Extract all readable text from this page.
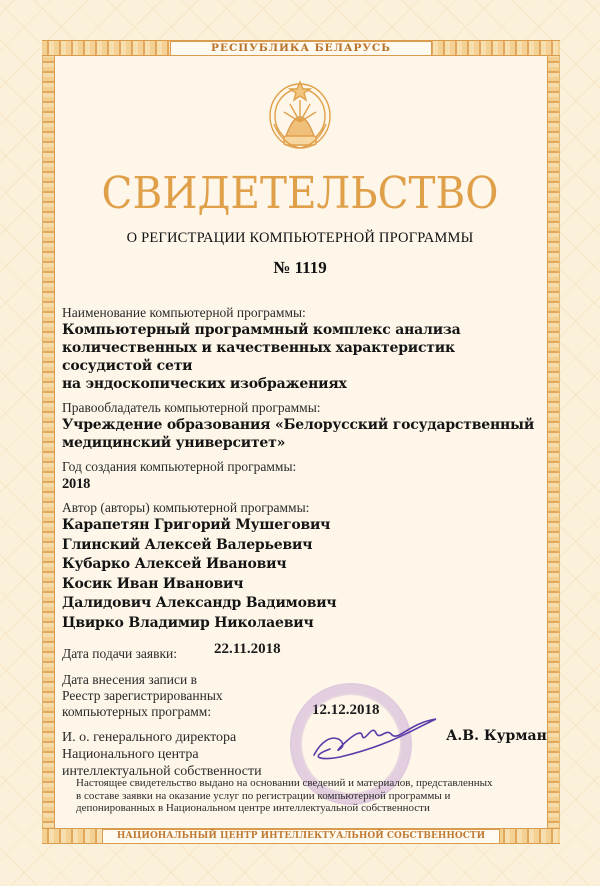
РЕСПУБЛИКА БЕЛАРУСЬ
СВИДЕТЕЛЬСТВО
О РЕГИСТРАЦИИ КОМПЬЮТЕРНОЙ ПРОГРАММЫ
№ 1119
Наименование компьютерной программы:
Компьютерный программный комплекс анализа
количественных и качественных характеристик сосудистой сети
на эндоскопических изображениях
Правообладатель компьютерной программы:
Учреждение образования «Белорусский государственный
медицинский университет»
Год создания компьютерной программы:
2018
Автор (авторы) компьютерной программы:
Карапетян Григорий Мушегович
Глинский Алексей Валерьевич
Кубарко Алексей Иванович
Косик Иван Иванович
Далидович Александр Вадимович
Цвирко Владимир Николаевич
Дата подачи заявки: 22.11.2018
Дата внесения записи в
Реестр зарегистрированных
компьютерных программ:	12.12.2018
И. о. генерального директора
Национального центра
интеллектуальной собственности
А.В. Курман
Настоящее свидетельство выдано на основании сведений и материалов, представленных
в составе заявки на оказание услуг по регистрации компьютерной программы и
депонированных в Национальном центре интеллектуальной собственности
НАЦИОНАЛЬНЫЙ ЦЕНТР ИНТЕЛЛЕКТУАЛЬНОЙ СОБСТВЕННОСТИ
